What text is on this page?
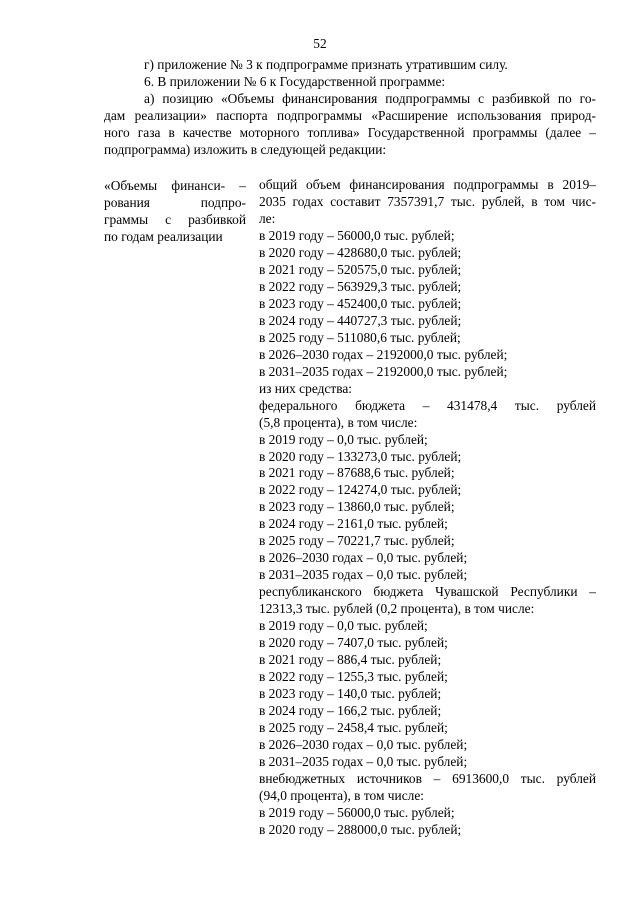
52
г) приложение № 3 к подпрограмме признать утратившим силу.
6. В приложении № 6 к Государственной программе:
а) позицию «Объемы финансирования подпрограммы с разбивкой по го-
дам реализации» паспорта подпрограммы «Расширение использования природ-
ного газа в качестве моторного топлива» Государственной программы (далее –
подпрограмма) изложить в следующей редакции:
«Объемы финанси- –
рования подпро-
граммы с разбивкой
по годам реализации
общий объем финансирования подпрограммы в 2019–
2035 годах составит 7357391,7 тыс. рублей, в том чис-
ле:
в 2019 году – 56000,0 тыс. рублей;
в 2020 году – 428680,0 тыс. рублей;
в 2021 году – 520575,0 тыс. рублей;
в 2022 году – 563929,3 тыс. рублей;
в 2023 году – 452400,0 тыс. рублей;
в 2024 году – 440727,3 тыс. рублей;
в 2025 году – 511080,6 тыс. рублей;
в 2026–2030 годах – 2192000,0 тыс. рублей;
в 2031–2035 годах – 2192000,0 тыс. рублей;
из них средства:
федерального бюджета – 431478,4 тыс. рублей
(5,8 процента), в том числе:
в 2019 году – 0,0 тыс. рублей;
в 2020 году – 133273,0 тыс. рублей;
в 2021 году – 87688,6 тыс. рублей;
в 2022 году – 124274,0 тыс. рублей;
в 2023 году – 13860,0 тыс. рублей;
в 2024 году – 2161,0 тыс. рублей;
в 2025 году – 70221,7 тыс. рублей;
в 2026–2030 годах – 0,0 тыс. рублей;
в 2031–2035 годах – 0,0 тыс. рублей;
республиканского бюджета Чувашской Республики –
12313,3 тыс. рублей (0,2 процента), в том числе:
в 2019 году – 0,0 тыс. рублей;
в 2020 году – 7407,0 тыс. рублей;
в 2021 году – 886,4 тыс. рублей;
в 2022 году – 1255,3 тыс. рублей;
в 2023 году – 140,0 тыс. рублей;
в 2024 году – 166,2 тыс. рублей;
в 2025 году – 2458,4 тыс. рублей;
в 2026–2030 годах – 0,0 тыс. рублей;
в 2031–2035 годах – 0,0 тыс. рублей;
внебюджетных источников – 6913600,0 тыс. рублей
(94,0 процента), в том числе:
в 2019 году – 56000,0 тыс. рублей;
в 2020 году – 288000,0 тыс. рублей;
